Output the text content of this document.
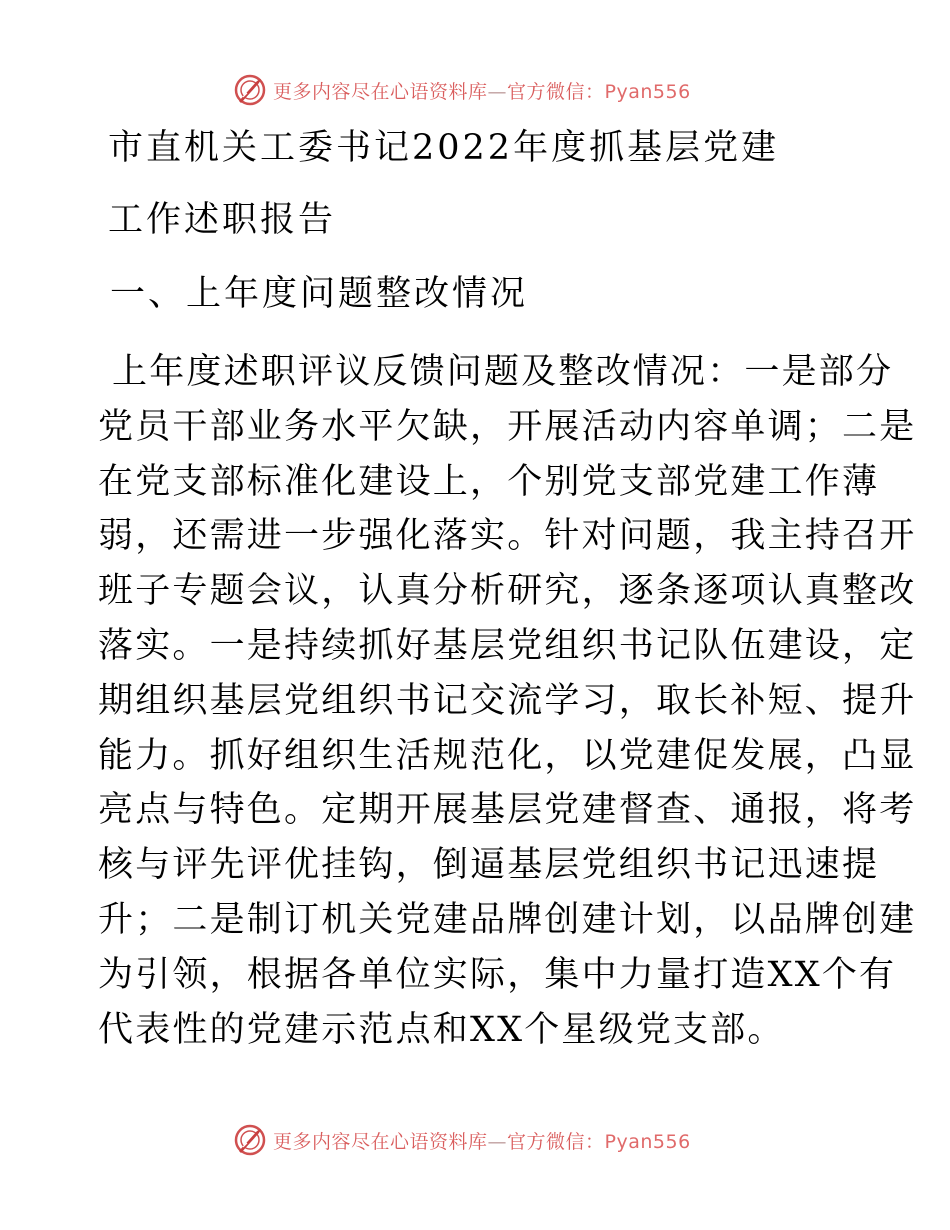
更多内容尽在心语资料库—官方微信：Pyan556
市直机关工委书记2022年度抓基层党建
工作述职报告
一、上年度问题整改情况
上年度述职评议反馈问题及整改情况：一是部分
党员干部业务水平欠缺，开展活动内容单调；二是
在党支部标准化建设上，个别党支部党建工作薄
弱，还需进一步强化落实。针对问题，我主持召开
班子专题会议，认真分析研究，逐条逐项认真整改
落实。一是持续抓好基层党组织书记队伍建设，定
期组织基层党组织书记交流学习，取长补短、提升
能力。抓好组织生活规范化，以党建促发展，凸显
亮点与特色。定期开展基层党建督查、通报，将考
核与评先评优挂钩，倒逼基层党组织书记迅速提
升；二是制订机关党建品牌创建计划，以品牌创建
为引领，根据各单位实际，集中力量打造XX个有
代表性的党建示范点和XX个星级党支部。
更多内容尽在心语资料库—官方微信：Pyan556
